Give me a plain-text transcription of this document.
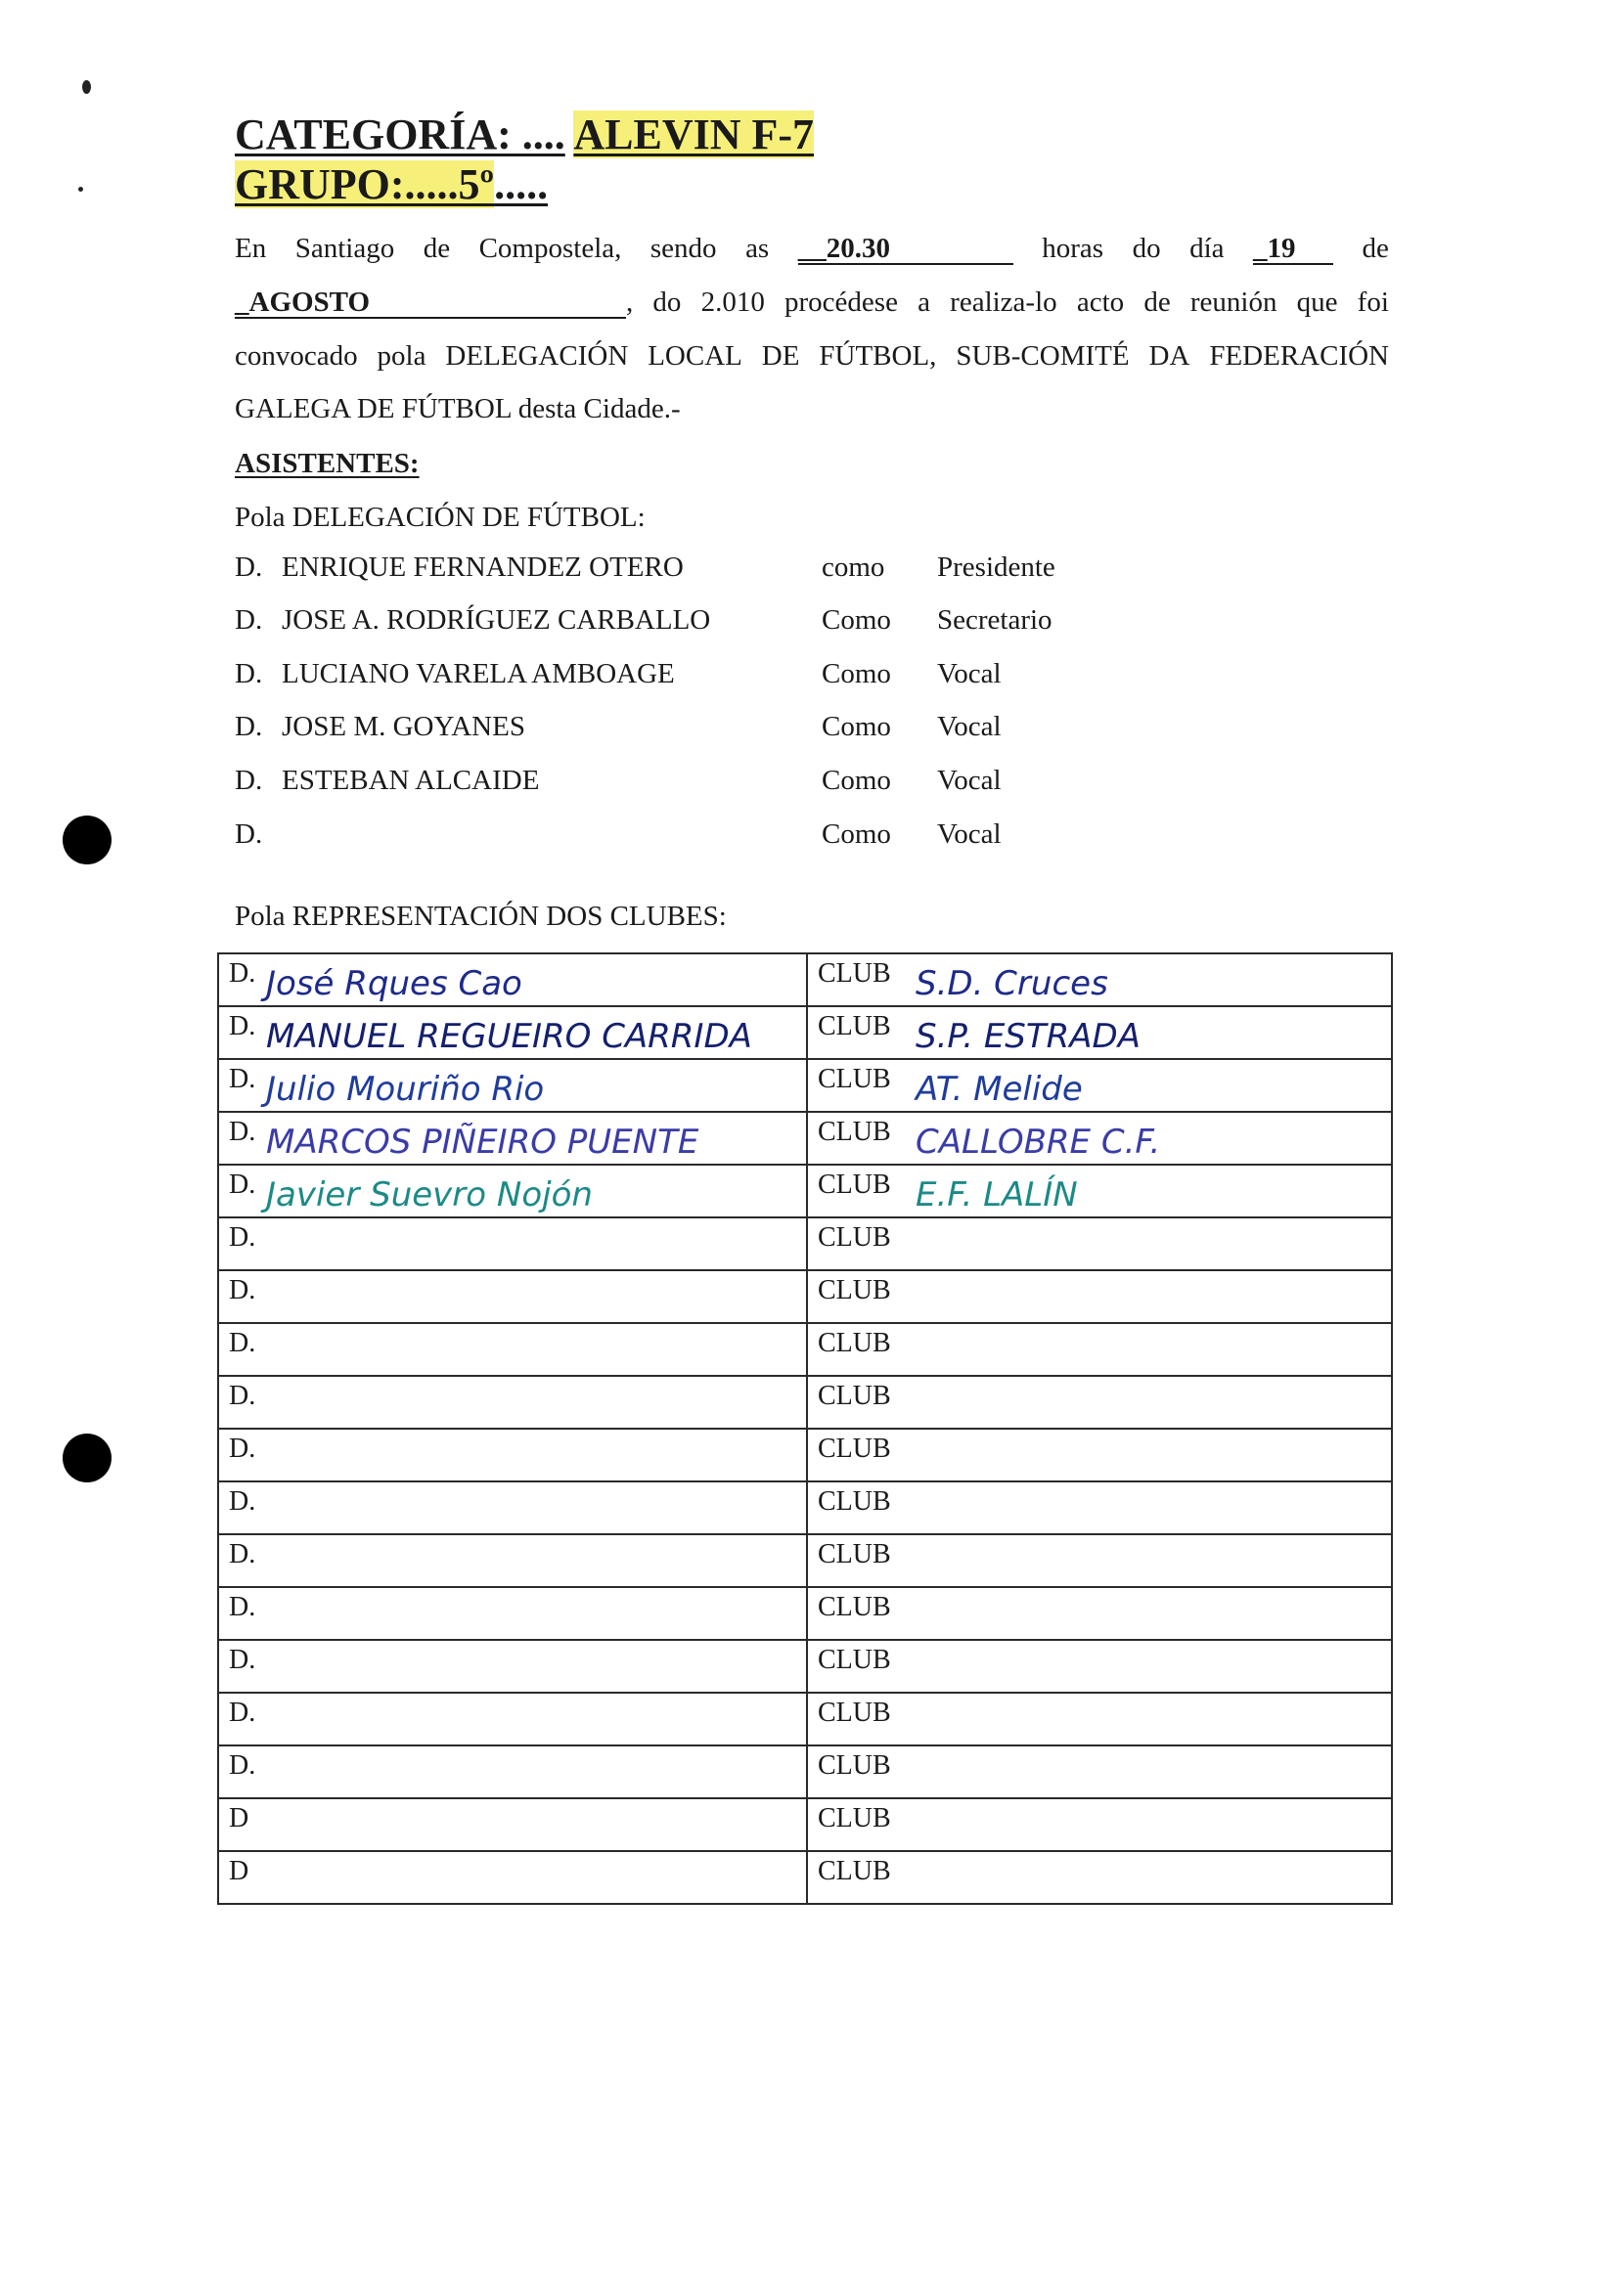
CATEGORÍA: .... ALEVIN F-7
GRUPO:.....5º.....
En Santiago de Compostela, sendo as __20.30	horas do día _19	de
_AGOSTO	, do 2.010 procédese a realiza-lo acto de reunión que foi
convocado pola DELEGACIÓN LOCAL DE FÚTBOL, SUB-COMITÉ DA FEDERACIÓN
GALEGA DE FÚTBOL desta Cidade.-
ASISTENTES:
Pola DELEGACIÓN DE FÚTBOL:
D. ENRIQUE FERNANDEZ OTERO	como Presidente
D. JOSE A. RODRÍGUEZ CARBALLO	Como Secretario
D. LUCIANO VARELA AMBOAGE	Como Vocal
D. JOSE M. GOYANES	Como Vocal
D. ESTEBAN ALCAIDE	Como Vocal
D.	Como Vocal
Pola REPRESENTACIÓN DOS CLUBES:
D. José Rques Cao	CLUB S.D. Cruces

D. MANUEL REGUEIRO CARRIDA	CLUB S.P. ESTRADA

D. Julio Mouriño Rio	CLUB AT. Melide

D. MARCOS PIÑEIRO PUENTE	CLUB CALLOBRE C.F.

D. Javier Suevro Nojón	CLUB E.F. LALÍN

D.	CLUB

D.	CLUB

D.	CLUB

D.	CLUB

D.	CLUB

D.	CLUB

D.	CLUB

D.	CLUB

D.	CLUB

D.	CLUB

D.	CLUB

D	CLUB

D	CLUB
